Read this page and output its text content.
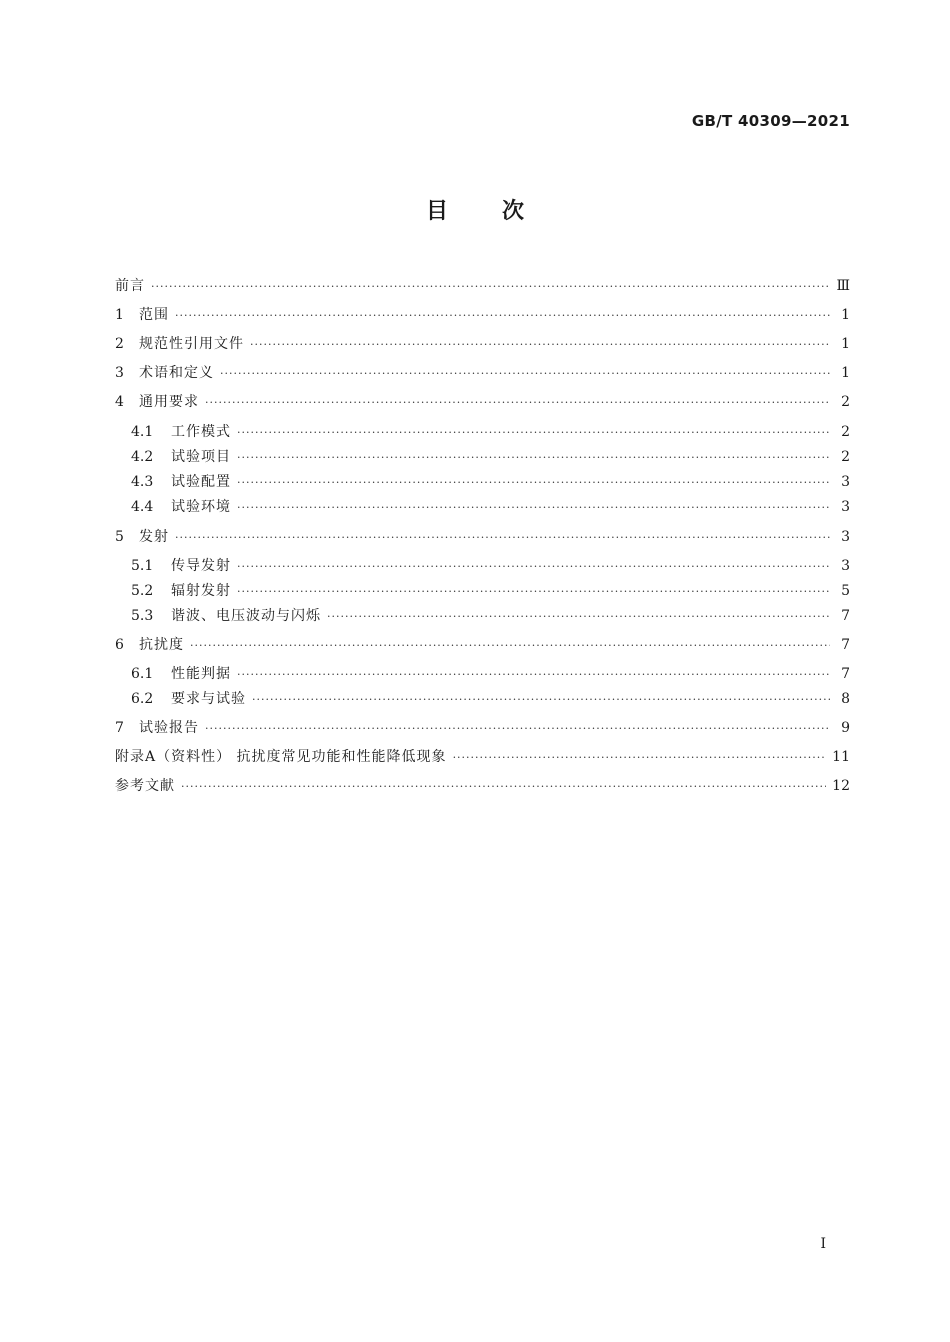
GB/T 40309—2021
目次
前言 ·····	Ⅲ
1	范围 ·····	1
2	规范性引用文件 ·····	1
3	术语和定义 ·····	1
4	通用要求 ·····	2
4.1	工作模式 ·····	2
4.2	试验项目 ·····	2
4.3	试验配置 ·····	3
4.4	试验环境 ·····	3
5	发射 ·····	3
5.1	传导发射 ·····	3
5.2	辐射发射 ·····	5
5.3	谐波、电压波动与闪烁 ·····	7
6	抗扰度 ·····	7
6.1	性能判据 ·····	7
6.2	要求与试验 ·····	8
7	试验报告 ·····	9
附录A（资料性） 抗扰度常见功能和性能降低现象 ·····	11
参考文献 ·····	12
Ⅰ
